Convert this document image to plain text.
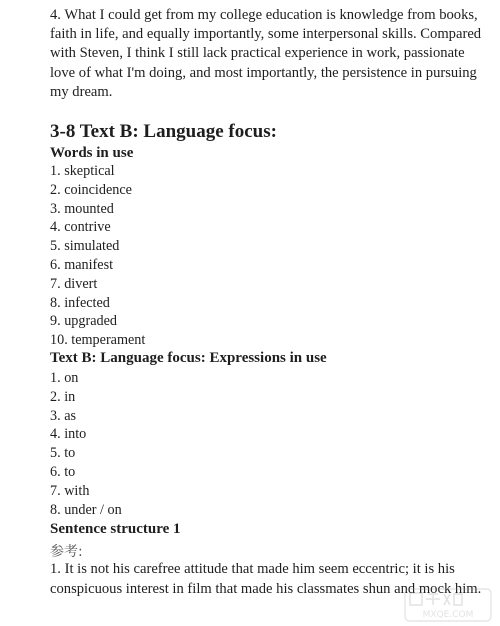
4. What I could get from my college education is knowledge from books, faith in life, and equally importantly, some interpersonal skills. Compared with Steven, I think I still lack practical experience in work, passionate love of what I'm doing, and most importantly, the persistence in pursuing my dream.

3-8 Text B: Language focus:
Words in use
1. skeptical
2. coincidence
3. mounted
4. contrive
5. simulated
6. manifest
7. divert
8. infected
9. upgraded
10. temperament
Text B: Language focus: Expressions in use
1. on
2. in
3. as
4. into
5. to
6. to
7. with
8. under / on
Sentence structure 1
参考:

1. It is not his carefree attitude that made him seem eccentric; it is his conspicuous interest in film that made his classmates shun and mock him.

MXQE.COM
